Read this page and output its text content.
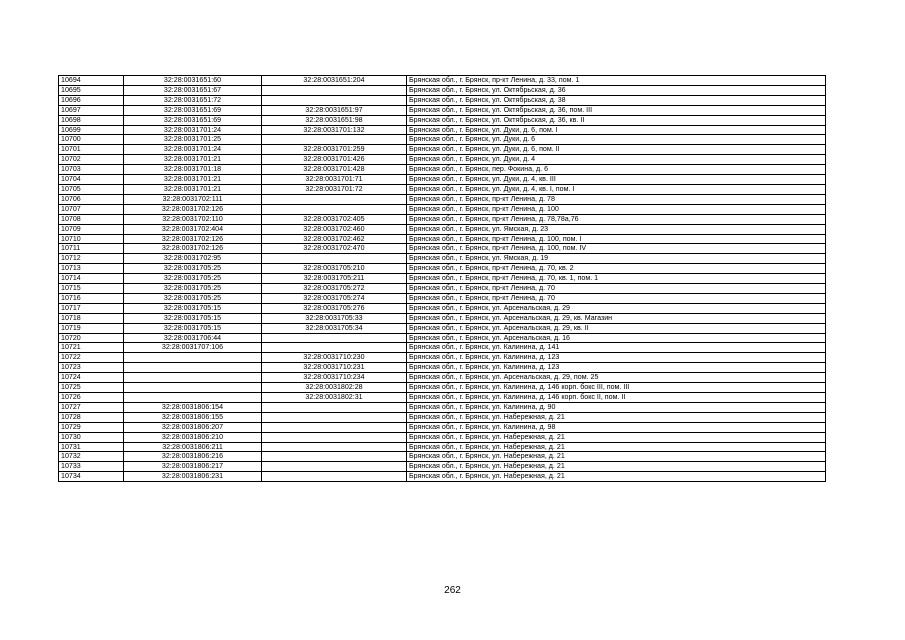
10694	32:28:0031651:60	32:28:0031651:204	Брянская обл., г. Брянск, пр-кт Ленина, д. 33, пом. 1
10695	32:28:0031651:67		Брянская обл., г. Брянск, ул. Октябрьская, д. 36
10696	32:28:0031651:72		Брянская обл., г. Брянск, ул. Октябрьская, д. 38
10697	32:28:0031651:69	32:28:0031651:97	Брянская обл., г. Брянск, ул. Октябрьская, д. 36, пом. III
10698	32:28:0031651:69	32:28:0031651:98	Брянская обл., г. Брянск, ул. Октябрьская, д. 36, кв. II
10699	32:28:0031701:24	32:28:0031701:132	Брянская обл., г. Брянск, ул. Дуки, д. 6, пом. I
10700	32:28:0031701:25		Брянская обл., г. Брянск, ул. Дуки, д. 6
10701	32:28:0031701:24	32:28:0031701:259	Брянская обл., г. Брянск, ул. Дуки, д. 6, пом. II
10702	32:28:0031701:21	32:28:0031701:426	Брянская обл., г. Брянск, ул. Дуки, д. 4
10703	32:28:0031701:18	32:28:0031701:428	Брянская обл., г. Брянск, пер. Фокина, д. 6
10704	32:28:0031701:21	32:28:0031701:71	Брянская обл., г. Брянск, ул. Дуки, д. 4, кв. III
10705	32:28:0031701:21	32:28:0031701:72	Брянская обл., г. Брянск, ул. Дуки, д. 4, кв. I, пом. I
10706	32:28:0031702:111		Брянская обл., г. Брянск, пр-кт Ленина, д. 78
10707	32:28:0031702:126		Брянская обл., г. Брянск, пр-кт Ленина, д. 100
10708	32:28:0031702:110	32:28:0031702:405	Брянская обл., г. Брянск, пр-кт Ленина, д. 78,78а,76
10709	32:28:0031702:404	32:28:0031702:460	Брянская обл., г. Брянск, ул. Ямская, д. 23
10710	32:28:0031702:126	32:28:0031702:462	Брянская обл., г. Брянск, пр-кт Ленина, д. 100, пом. I
10711	32:28:0031702:126	32:28:0031702:470	Брянская обл., г. Брянск, пр-кт Ленина, д. 100, пом. IV
10712	32:28:0031702:95		Брянская обл., г. Брянск, ул. Ямская, д. 19
10713	32:28:0031705:25	32:28:0031705:210	Брянская обл., г. Брянск, пр-кт Ленина, д. 70, кв. 2
10714	32:28:0031705:25	32:28:0031705:211	Брянская обл., г. Брянск, пр-кт Ленина, д. 70, кв. 1, пом. 1
10715	32:28:0031705:25	32:28:0031705:272	Брянская обл., г. Брянск, пр-кт Ленина, д. 70
10716	32:28:0031705:25	32:28:0031705:274	Брянская обл., г. Брянск, пр-кт Ленина, д. 70
10717	32:28:0031705:15	32:28:0031705:276	Брянская обл., г. Брянск, ул. Арсенальская, д. 29
10718	32:28:0031705:15	32:28:0031705:33	Брянская обл., г. Брянск, ул. Арсенальская, д. 29, кв. Магазин
10719	32:28:0031705:15	32:28:0031705:34	Брянская обл., г. Брянск, ул. Арсенальская, д. 29, кв. II
10720	32:28:0031706:44		Брянская обл., г. Брянск, ул. Арсенальская, д. 16
10721	32:28:0031707:106		Брянская обл., г. Брянск, ул. Калинина, д. 141
10722		32:28:0031710:230	Брянская обл., г. Брянск, ул. Калинина, д. 123
10723		32:28:0031710:231	Брянская обл., г. Брянск, ул. Калинина, д. 123
10724		32:28:0031710:234	Брянская обл., г. Брянск, ул. Арсенальская, д. 29, пом. 25
10725		32:28:0031802:28	Брянская обл., г. Брянск, ул. Калинина, д. 146 корп. бокс III, пом. III
10726		32:28:0031802:31	Брянская обл., г. Брянск, ул. Калинина, д. 146 корп. бокс II, пом. II
10727	32:28:0031806:154		Брянская обл., г. Брянск, ул. Калинина, д. 90
10728	32:28:0031806:155		Брянская обл., г. Брянск, ул. Набережная, д. 21
10729	32:28:0031806:207		Брянская обл., г. Брянск, ул. Калинина, д. 98
10730	32:28:0031806:210		Брянская обл., г. Брянск, ул. Набережная, д. 21
10731	32:28:0031806:211		Брянская обл., г. Брянск, ул. Набережная, д. 21
10732	32:28:0031806:216		Брянская обл., г. Брянск, ул. Набережная, д. 21
10733	32:28:0031806:217		Брянская обл., г. Брянск, ул. Набережная, д. 21
10734	32:28:0031806:231		Брянская обл., г. Брянск, ул. Набережная, д. 21
262
